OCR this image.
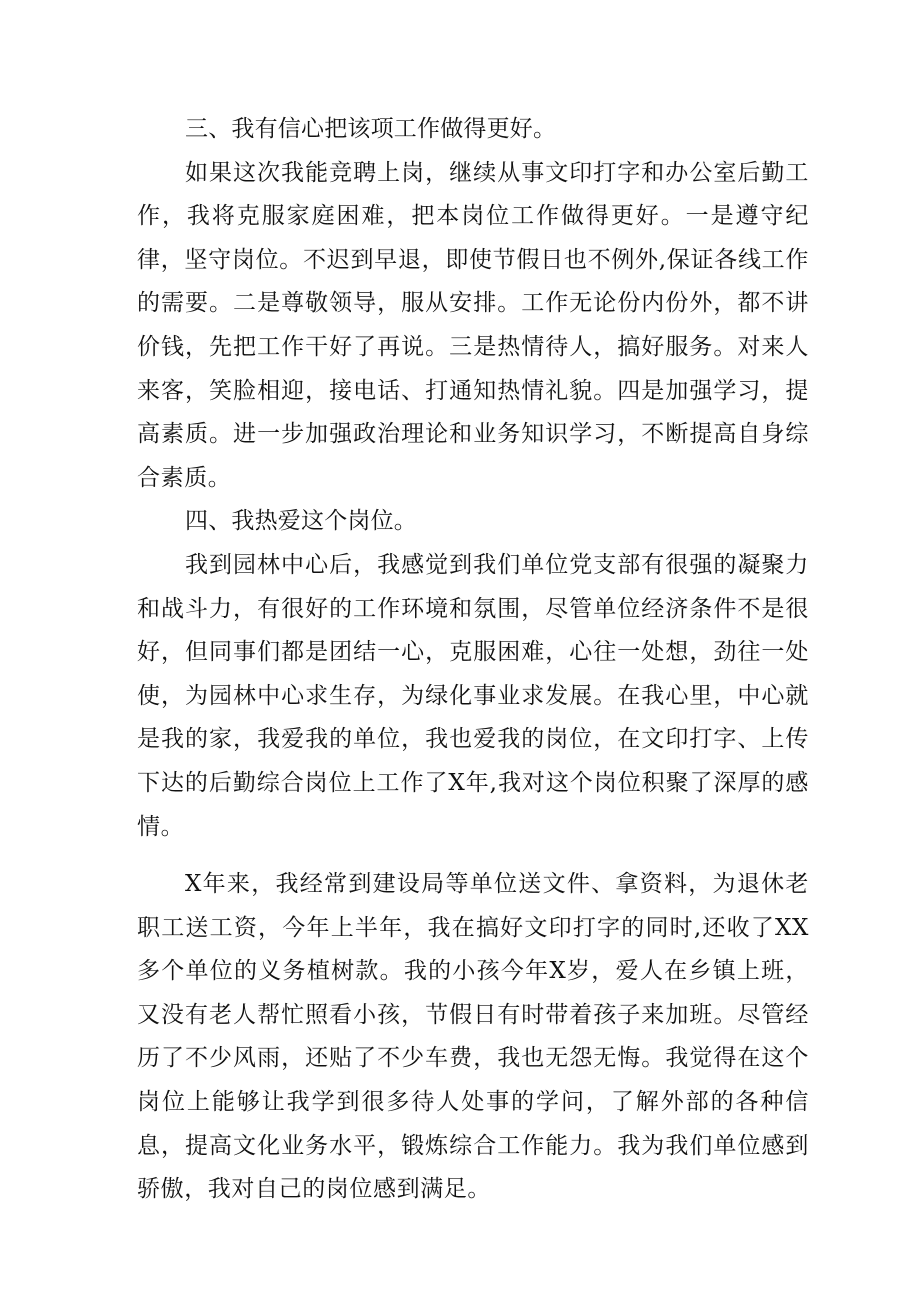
三、我有信心把该项工作做得更好。

如果这次我能竞聘上岗，继续从事文印打字和办公室后勤工作，我将克服家庭困难，把本岗位工作做得更好。一是遵守纪律，坚守岗位。不迟到早退，即使节假日也不例外,保证各线工作的需要。二是尊敬领导，服从安排。工作无论份内份外，都不讲价钱，先把工作干好了再说。三是热情待人，搞好服务。对来人来客，笑脸相迎，接电话、打通知热情礼貌。四是加强学习，提高素质。进一步加强政治理论和业务知识学习，不断提高自身综合素质。

四、我热爱这个岗位。

我到园林中心后，我感觉到我们单位党支部有很强的凝聚力和战斗力，有很好的工作环境和氛围，尽管单位经济条件不是很好，但同事们都是团结一心，克服困难，心往一处想，劲往一处使，为园林中心求生存，为绿化事业求发展。在我心里，中心就是我的家，我爱我的单位，我也爱我的岗位，在文印打字、上传下达的后勤综合岗位上工作了X年,我对这个岗位积聚了深厚的感情。

X年来，我经常到建设局等单位送文件、拿资料，为退休老职工送工资，今年上半年，我在搞好文印打字的同时,还收了XX多个单位的义务植树款。我的小孩今年X岁，爱人在乡镇上班，又没有老人帮忙照看小孩，节假日有时带着孩子来加班。尽管经历了不少风雨，还贴了不少车费，我也无怨无悔。我觉得在这个岗位上能够让我学到很多待人处事的学问，了解外部的各种信息，提高文化业务水平，锻炼综合工作能力。我为我们单位感到骄傲，我对自己的岗位感到满足。
